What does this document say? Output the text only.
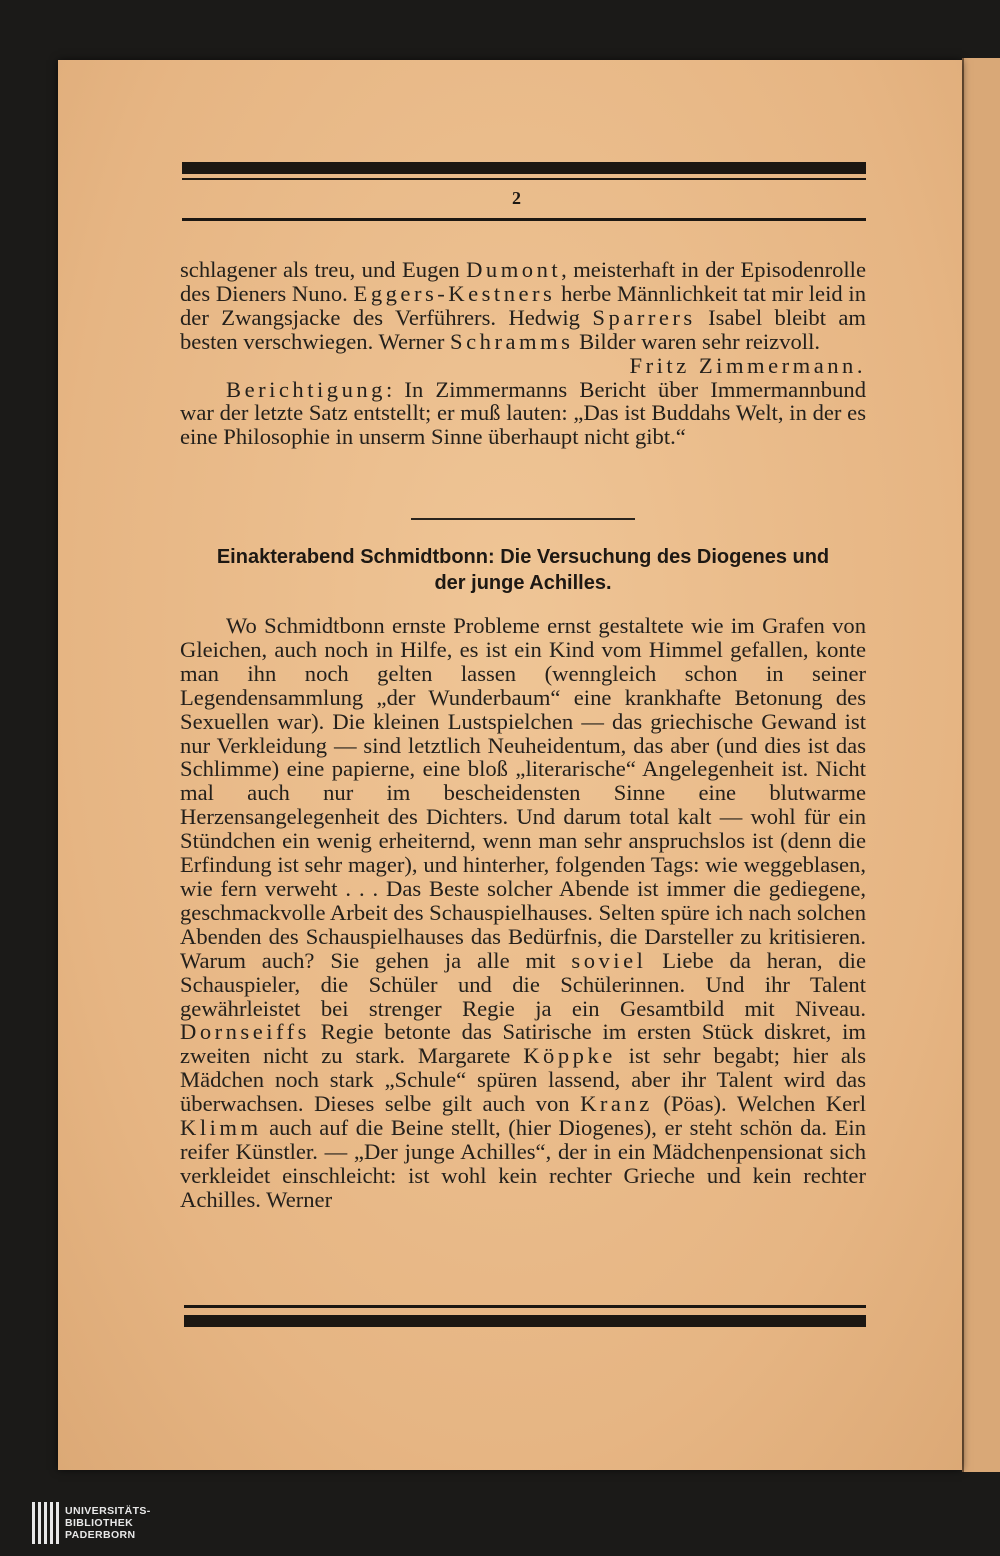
2

schlagener als treu, und Eugen Dumont, meisterhaft in der Episodenrolle des Dieners Nuno. Eggers-Kestners herbe Männlichkeit tat mir leid in der Zwangsjacke des Verführers. Hedwig Sparrers Isabel bleibt am besten verschwiegen. Werner Schramms Bilder waren sehr reizvoll.

Fritz Zimmermann.

Berichtigung: In Zimmermanns Bericht über Immermannbund war der letzte Satz entstellt; er muß lauten: „Das ist Buddahs Welt, in der es eine Philosophie in unserm Sinne überhaupt nicht gibt.“

Einakterabend Schmidtbonn: Die Versuchung des Diogenes und
der junge Achilles.

Wo Schmidtbonn ernste Probleme ernst gestaltete wie im Grafen von Gleichen, auch noch in Hilfe, es ist ein Kind vom Himmel gefallen, konte man ihn noch gelten lassen (wenngleich schon in seiner Legendensammlung „der Wunderbaum“ eine krankhafte Betonung des Sexuellen war). Die kleinen Lustspielchen — das griechische Gewand ist nur Verkleidung — sind letztlich Neuheidentum, das aber (und dies ist das Schlimme) eine papierne, eine bloß „literarische“ Angelegenheit ist. Nicht mal auch nur im bescheidensten Sinne eine blutwarme Herzensangelegenheit des Dichters. Und darum total kalt — wohl für ein Stündchen ein wenig erheiternd, wenn man sehr anspruchslos ist (denn die Erfindung ist sehr mager), und hinterher, folgenden Tags: wie weggeblasen, wie fern verweht . . . Das Beste solcher Abende ist immer die gediegene, geschmackvolle Arbeit des Schauspielhauses. Selten spüre ich nach solchen Abenden des Schauspielhauses das Bedürfnis, die Darsteller zu kritisieren. Warum auch? Sie gehen ja alle mit soviel Liebe da heran, die Schauspieler, die Schüler und die Schülerinnen. Und ihr Talent gewährleistet bei strenger Regie ja ein Gesamtbild mit Niveau. Dornseiffs Regie betonte das Satirische im ersten Stück diskret, im zweiten nicht zu stark. Margarete Köppke ist sehr begabt; hier als Mädchen noch stark „Schule“ spüren lassend, aber ihr Talent wird das überwachsen. Dieses selbe gilt auch von Kranz (Pöas). Welchen Kerl Klimm auch auf die Beine stellt, (hier Diogenes), er steht schön da. Ein reifer Künstler. — „Der junge Achilles“, der in ein Mädchenpensionat sich verkleidet einschleicht: ist wohl kein rechter Grieche und kein rechter Achilles. Werner

UNIVERSITÄTS-
BIBLIOTHEK
PADERBORN
